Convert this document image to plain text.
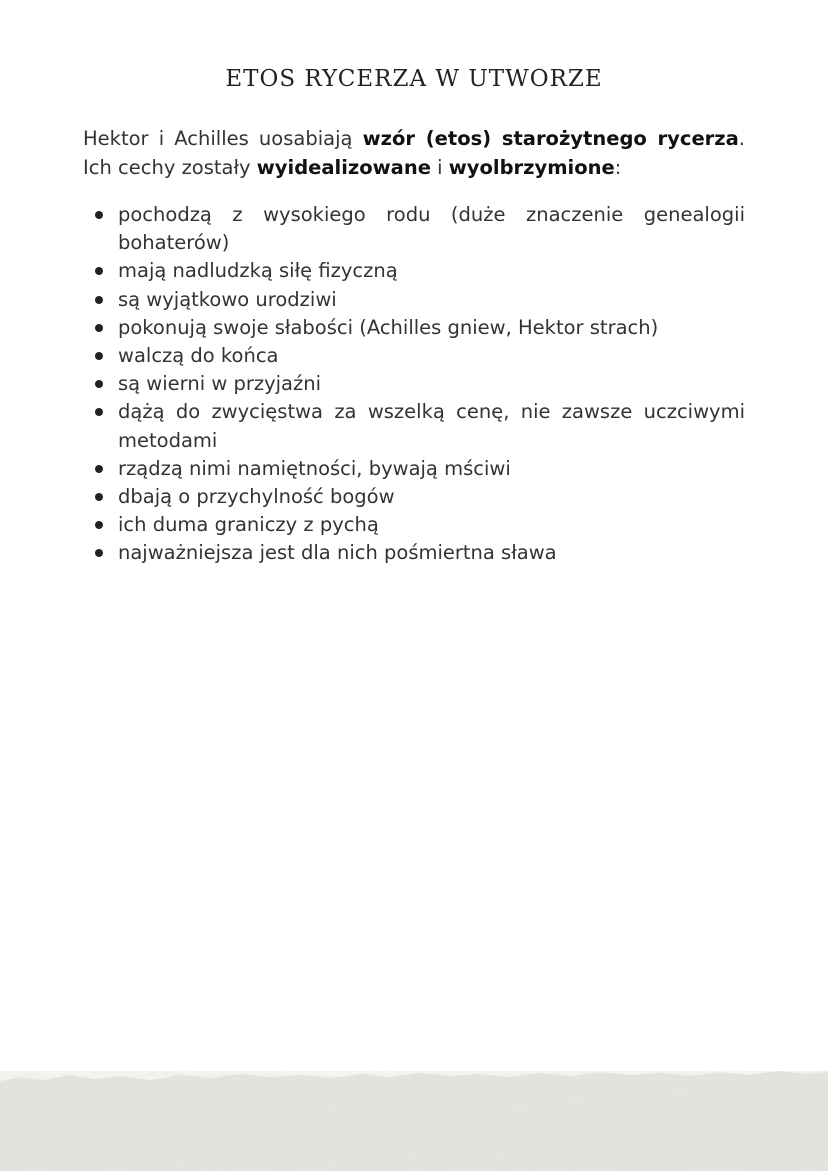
ETOS RYCERZA W UTWORZE

Hektor i Achilles uosabiają wzór (etos) starożytnego rycerza. Ich cechy zostały wyidealizowane i wyolbrzymione:

pochodzą z wysokiego rodu (duże znaczenie genealogii bohaterów)
mają nadludzką siłę fizyczną
są wyjątkowo urodziwi
pokonują swoje słabości (Achilles gniew, Hektor strach)
walczą do końca
są wierni w przyjaźni
dążą do zwycięstwa za wszelką cenę, nie zawsze uczciwymi metodami
rządzą nimi namiętności, bywają mściwi
dbają o przychylność bogów
ich duma graniczy z pychą
najważniejsza jest dla nich pośmiertna sława
